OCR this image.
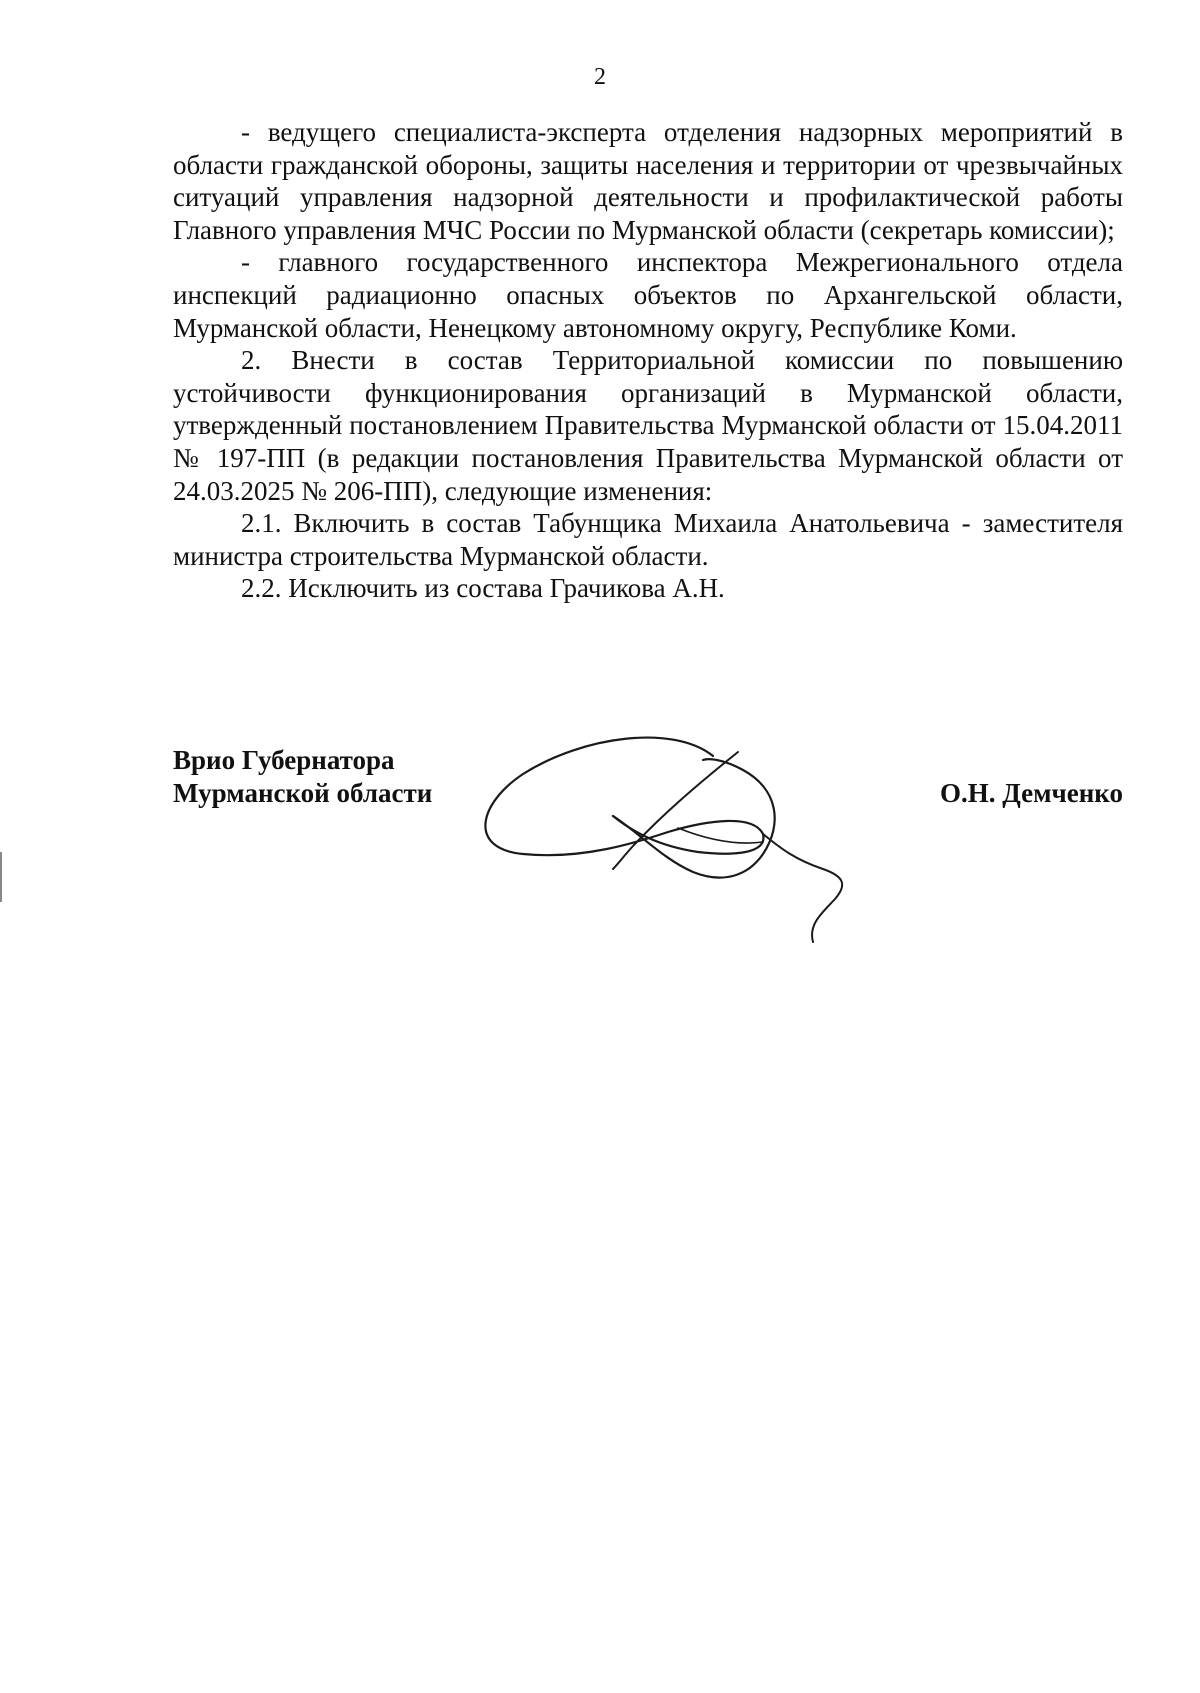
2

- ведущего специалиста-эксперта отделения надзорных мероприятий в области гражданской обороны, защиты населения и территории от чрезвычайных ситуаций управления надзорной деятельности и профилактической работы Главного управления МЧС России по Мурманской области (секретарь комиссии);

- главного государственного инспектора Межрегионального отдела инспекций радиационно опасных объектов по Архангельской области, Мурманской области, Ненецкому автономному округу, Республике Коми.

2. Внести в состав Территориальной комиссии по повышению устойчивости функционирования организаций в Мурманской области, утвержденный постановлением Правительства Мурманской области от 15.04.2011 № 197-ПП (в редакции постановления Правительства Мурманской области от 24.03.2025 № 206-ПП), следующие изменения:

2.1. Включить в состав Табунщика Михаила Анатольевича - заместителя министра строительства Мурманской области.

2.2. Исключить из состава Грачикова А.Н.

Врио Губернатора
Мурманской области	О.Н. Демченко
